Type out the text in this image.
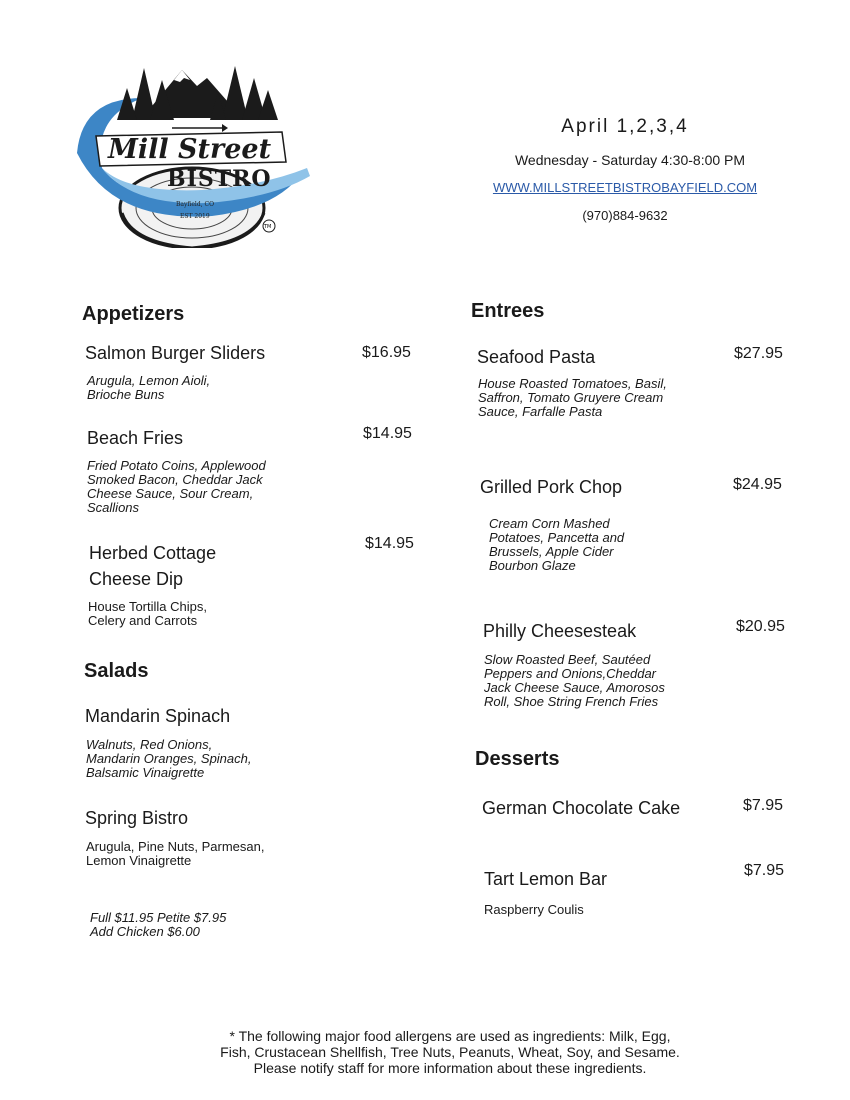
Mill Street
BISTRO
Bayfield, CO
EST 2019
TM
April 1,2,3,4
Wednesday - Saturday 4:30-8:00 PM
WWW.MILLSTREETBISTROBAYFIELD.COM
(970)884-9632
Appetizers
Salmon Burger Sliders	$16.95
Arugula, Lemon Aioli,
Brioche Buns
Beach Fries	$14.95
Fried Potato Coins, Applewood
Smoked Bacon, Cheddar Jack
Cheese Sauce, Sour Cream,
Scallions
Herbed Cottage
Cheese Dip
$14.95
House Tortilla Chips,
Celery and Carrots
Salads
Mandarin Spinach
Walnuts, Red Onions,
Mandarin Oranges, Spinach,
Balsamic Vinaigrette
Spring Bistro
Arugula, Pine Nuts, Parmesan,
Lemon Vinaigrette
Full $11.95 Petite $7.95
Add Chicken $6.00
Entrees
Seafood Pasta	$27.95
House Roasted Tomatoes, Basil,
Saffron, Tomato Gruyere Cream
Sauce, Farfalle Pasta
Grilled Pork Chop	$24.95
Cream Corn Mashed
Potatoes, Pancetta and
Brussels, Apple Cider
Bourbon Glaze
Philly Cheesesteak	$20.95
Slow Roasted Beef, Sautéed
Peppers and Onions,Cheddar
Jack Cheese Sauce, Amorosos
Roll, Shoe String French Fries
Desserts
German Chocolate Cake	$7.95
Tart Lemon Bar	$7.95
Raspberry Coulis
* The following major food allergens are used as ingredients: Milk, Egg,
Fish, Crustacean Shellfish, Tree Nuts, Peanuts, Wheat, Soy, and Sesame.
Please notify staff for more information about these ingredients.
